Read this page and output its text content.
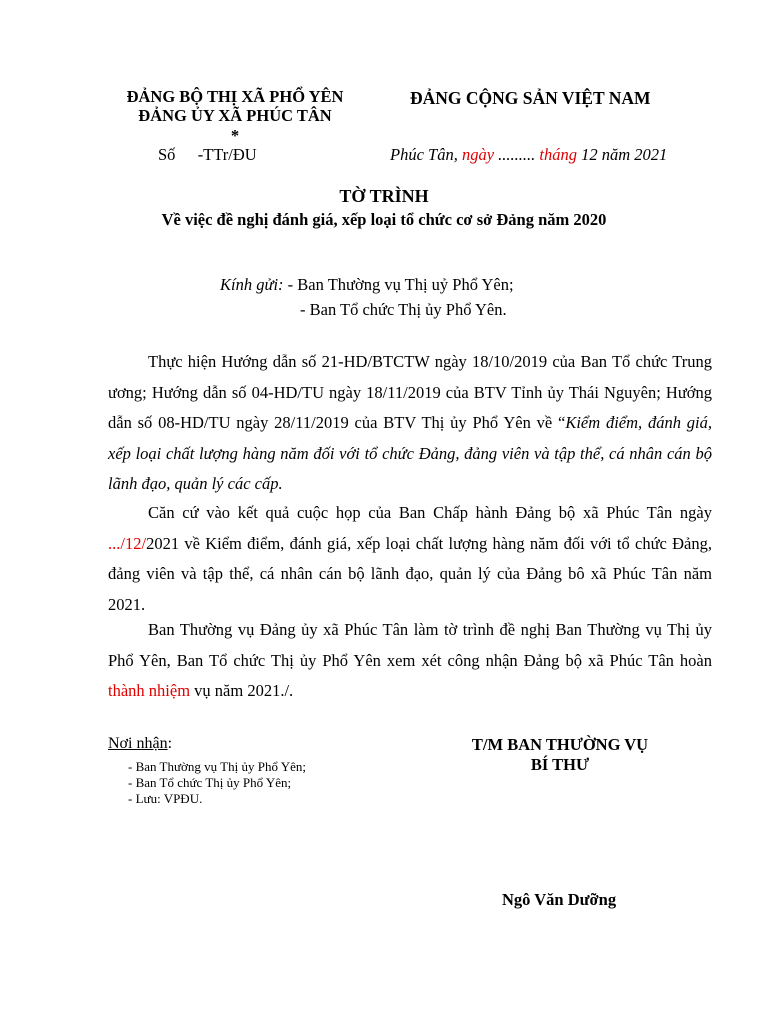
ĐẢNG BỘ THỊ XÃ PHỔ YÊN
ĐẢNG ỦY XÃ PHÚC TÂN
*
Số -TTr/ĐU
ĐẢNG CỘNG SẢN VIỆT NAM
Phúc Tân, ngày ......... tháng 12 năm 2021
TỜ TRÌNH
Về việc đề nghị đánh giá, xếp loại tổ chức cơ sở Đảng năm 2020
Kính gửi: - Ban Thường vụ Thị uỷ Phổ Yên;
- Ban Tổ chức Thị ủy Phổ Yên.
Thực hiện Hướng dẫn số 21-HD/BTCTW ngày 18/10/2019 của Ban Tổ chức Trung ương; Hướng dẫn số 04-HD/TU ngày 18/11/2019 của BTV Tỉnh ủy Thái Nguyên; Hướng dẫn số 08-HD/TU ngày 28/11/2019 của BTV Thị ủy Phổ Yên về “Kiểm điểm, đánh giá, xếp loại chất lượng hàng năm đối với tổ chức Đảng, đảng viên và tập thể, cá nhân cán bộ lãnh đạo, quản lý các cấp.
Căn cứ vào kết quả cuộc họp của Ban Chấp hành Đảng bộ xã Phúc Tân ngày .../12/2021 về Kiểm điểm, đánh giá, xếp loại chất lượng hàng năm đối với tổ chức Đảng, đảng viên và tập thể, cá nhân cán bộ lãnh đạo, quản lý của Đảng bô xã Phúc Tân năm 2021.
Ban Thường vụ Đảng ủy xã Phúc Tân làm tờ trình đề nghị Ban Thường vụ Thị ủy Phổ Yên, Ban Tổ chức Thị ủy Phổ Yên xem xét công nhận Đảng bộ xã Phúc Tân hoàn thành nhiệm vụ năm 2021./.
Nơi nhận:
- Ban Thường vụ Thị ủy Phổ Yên;
- Ban Tổ chức Thị ủy Phổ Yên;
- Lưu: VPĐU.
T/M BAN THƯỜNG VỤ
BÍ THƯ
Ngô Văn Dưỡng
